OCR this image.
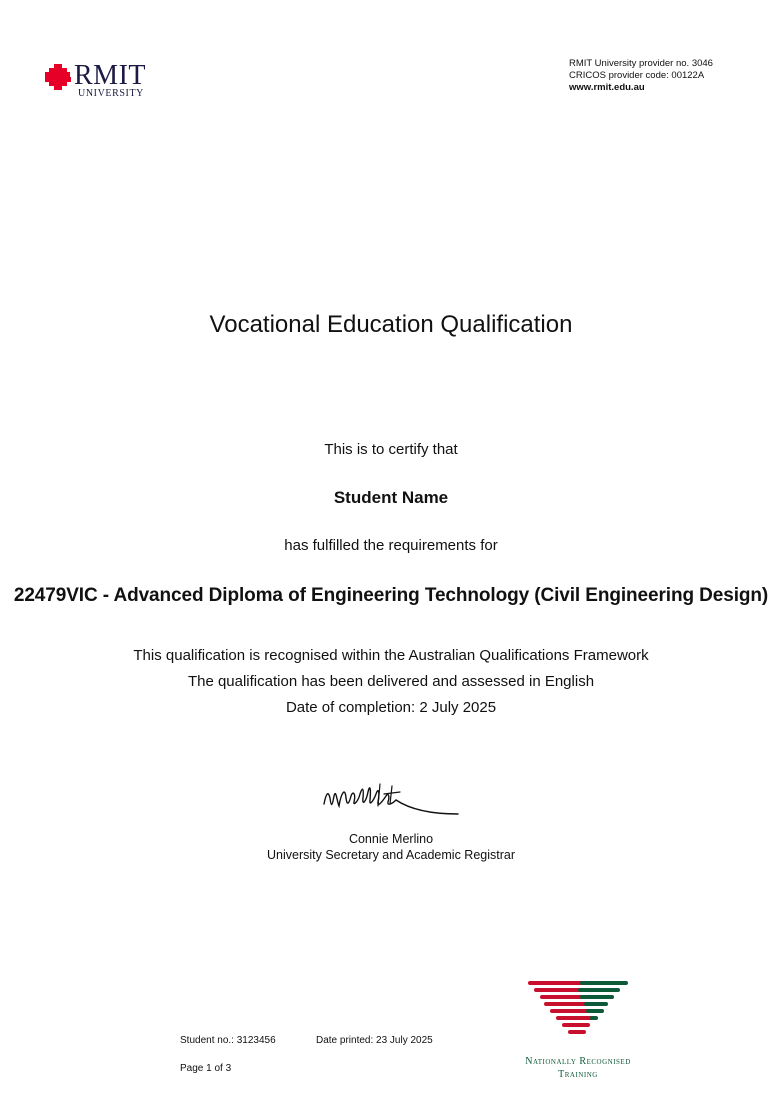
RMIT
UNIVERSITY
RMIT University provider no. 3046
CRICOS provider code: 00122A
www.rmit.edu.au
Vocational Education Qualification
This is to certify that
Student Name
has fulfilled the requirements for
22479VIC - Advanced Diploma of Engineering Technology (Civil Engineering Design)
This qualification is recognised within the Australian Qualifications Framework
The qualification has been delivered and assessed in English
Date of completion: 2 July 2025
Connie Merlino
University Secretary and Academic Registrar
Student no.: 3123456	Date printed: 23 July 2025
Page 1 of 3
Nationally Recognised
Training
